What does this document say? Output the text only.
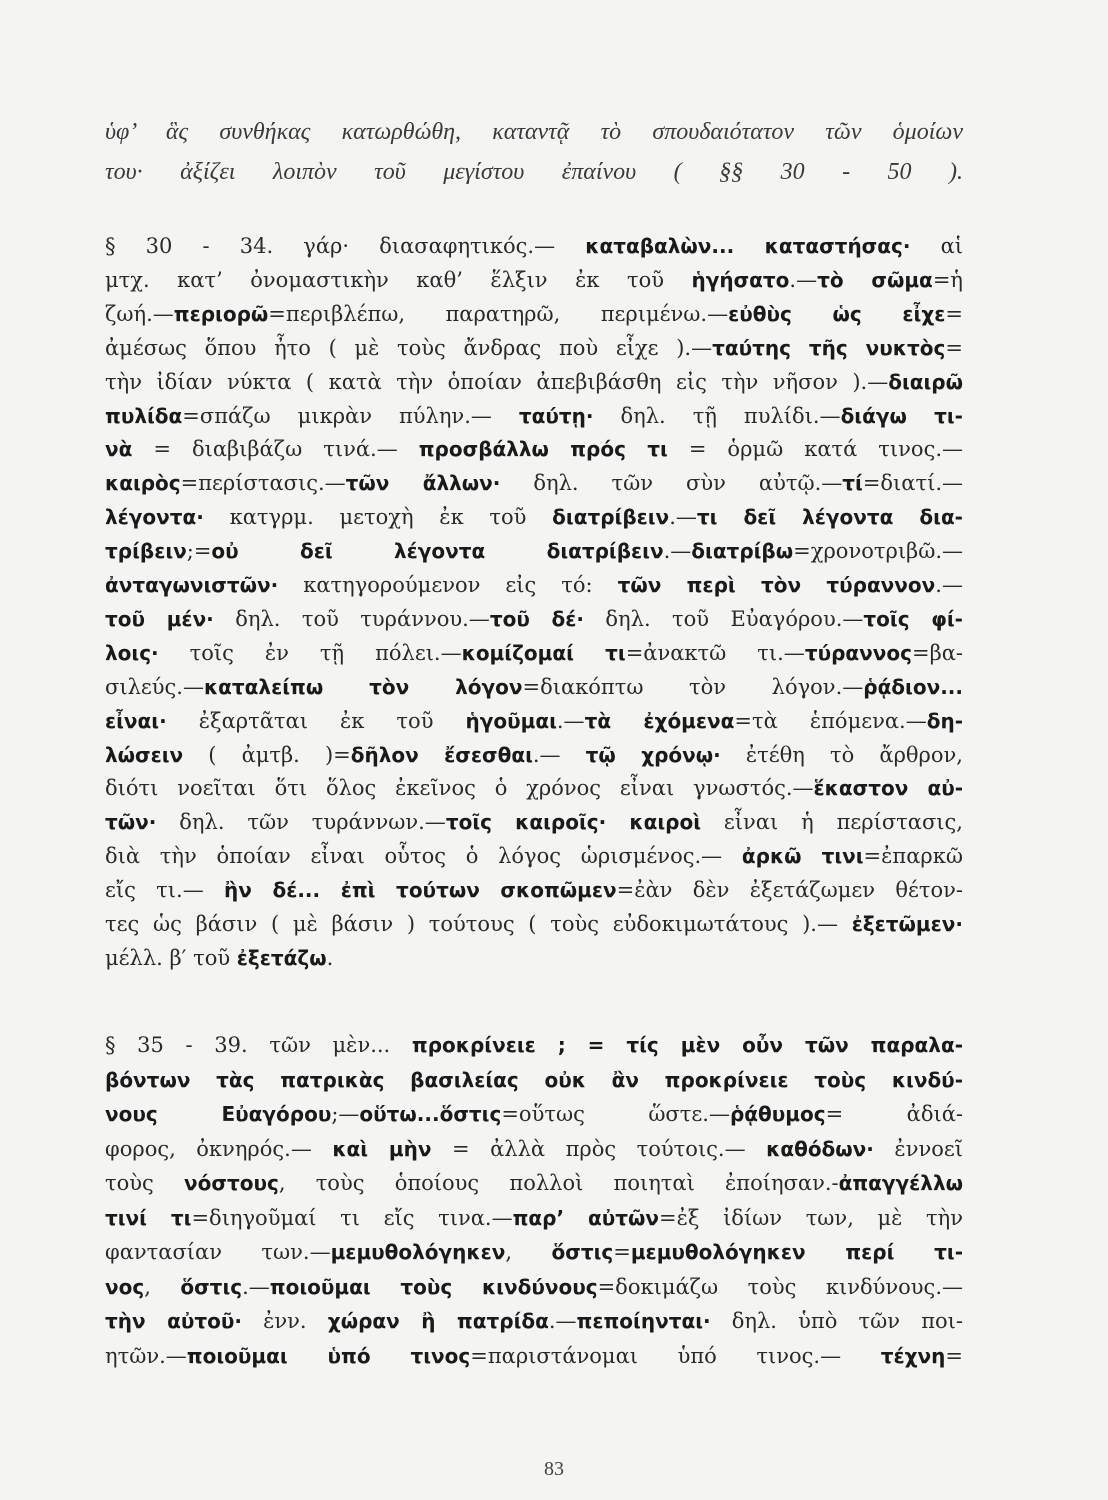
ὑφ’ ἃς συνθήκας κατωρθώθη, καταντᾷ τὸ σπουδαιότατον τῶν ὁμοίων
του· ἀξίζει λοιπὸν τοῦ μεγίστου ἐπαίνου ( §§ 30 - 50 ).
§ 30 - 34. γάρ· διασαφητικός.— καταβαλὼν... καταστήσας· αἱ
μτχ. κατ’ ὀνομαστικὴν καθ’ ἕλξιν ἐκ τοῦ ἡγήσατο.—τὸ σῶμα=ἡ
ζωή.—περιορῶ=περιβλέπω, παρατηρῶ, περιμένω.—εὐθὺς ὡς εἶχε=
ἀμέσως ὅπου ἦτο ( μὲ τοὺς ἄνδρας ποὺ εἶχε ).—ταύτης τῆς νυκτὸς=
τὴν ἰδίαν νύκτα ( κατὰ τὴν ὁποίαν ἀπεβιβάσθη εἰς τὴν νῆσον ).—διαιρῶ
πυλίδα=σπάζω μικρὰν πύλην.— ταύτῃ· δηλ. τῇ πυλίδι.—διάγω τι-
νὰ = διαβιβάζω τινά.— προσβάλλω πρός τι = ὁρμῶ κατά τινος.—
καιρὸς=περίστασις.—τῶν ἄλλων· δηλ. τῶν σὺν αὐτῷ.—τί=διατί.—
λέγοντα· κατγρμ. μετοχὴ ἐκ τοῦ διατρίβειν.—τι δεῖ λέγοντα δια-
τρίβειν;=οὐ δεῖ λέγοντα διατρίβειν.—διατρίβω=χρονοτριβῶ.—
ἀνταγωνιστῶν· κατηγορούμενον εἰς τό: τῶν περὶ τὸν τύραννον.—
τοῦ μέν· δηλ. τοῦ τυράννου.—τοῦ δέ· δηλ. τοῦ Εὐαγόρου.—τοῖς φί-
λοις· τοῖς ἐν τῇ πόλει.—κομίζομαί τι=ἀνακτῶ τι.—τύραννος=βα-
σιλεύς.—καταλείπω τὸν λόγον=διακόπτω τὸν λόγον.—ῥᾴδιον...
εἶναι· ἐξαρτᾶται ἐκ τοῦ ἡγοῦμαι.—τὰ ἐχόμενα=τὰ ἑπόμενα.—δη-
λώσειν ( ἀμτβ. )=δῆλον ἔσεσθαι.— τῷ χρόνῳ· ἐτέθη τὸ ἄρθρον,
διότι νοεῖται ὅτι ὅλος ἐκεῖνος ὁ χρόνος εἶναι γνωστός.—ἕκαστον αὐ-
τῶν· δηλ. τῶν τυράννων.—τοῖς καιροῖς· καιροὶ εἶναι ἡ περίστασις,
διὰ τὴν ὁποίαν εἶναι οὗτος ὁ λόγος ὡρισμένος.— ἀρκῶ τινι=ἐπαρκῶ
εἴς τι.— ἢν δέ... ἐπὶ τούτων σκοπῶμεν=ἐὰν δὲν ἐξετάζωμεν θέτον-
τες ὡς βάσιν ( μὲ βάσιν ) τούτους ( τοὺς εὐδοκιμωτάτους ).— ἐξετῶμεν·
μέλλ. β′ τοῦ ἐξετάζω.
§ 35 - 39. τῶν μὲν... προκρίνειε ; = τίς μὲν οὖν τῶν παραλα-
βόντων τὰς πατρικὰς βασιλείας οὐκ ἂν προκρίνειε τοὺς κινδύ-
νους Εὐαγόρου;—οὕτω...ὅστις=οὕτως ὥστε.—ῥᾴθυμος= ἀδιά-
φορος, ὀκνηρός.— καὶ μὴν = ἀλλὰ πρὸς τούτοις.— καθόδων· ἐννοεῖ
τοὺς νόστους, τοὺς ὁποίους πολλοὶ ποιηταὶ ἐποίησαν.-ἀπαγγέλλω
τινί τι=διηγοῦμαί τι εἴς τινα.—παρ’ αὐτῶν=ἐξ ἰδίων των, μὲ τὴν
φαντασίαν των.—μεμυθολόγηκεν, ὅστις=μεμυθολόγηκεν περί τι-
νος, ὅστις.—ποιοῦμαι τοὺς κινδύνους=δοκιμάζω τοὺς κινδύνους.—
τὴν αὐτοῦ· ἐνν. χώραν ἢ πατρίδα.—πεποίηνται· δηλ. ὑπὸ τῶν ποι-
ητῶν.—ποιοῦμαι ὑπό τινος=παριστάνομαι ὑπό τινος.— τέχνη=
83
